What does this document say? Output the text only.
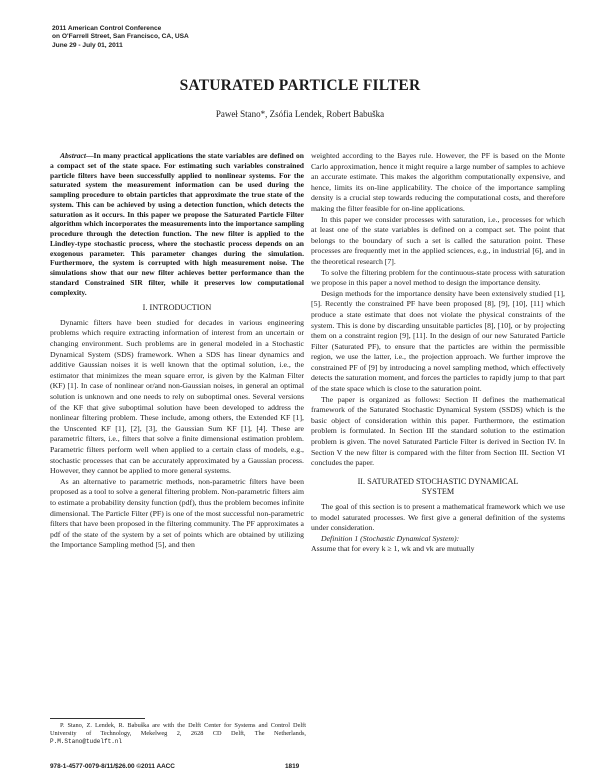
2011 American Control Conference
on O'Farrell Street, San Francisco, CA, USA
June 29 - July 01, 2011
SATURATED PARTICLE FILTER
Paweł Stano*, Zsófia Lendek, Robert Babuška

Abstract—In many practical applications the state variables are defined on a compact set of the state space. For estimating such variables constrained particle filters have been successfully applied to nonlinear systems. For the saturated system the measurement information can be used during the sampling procedure to obtain particles that approximate the true state of the system. This can be achieved by using a detection function, which detects the saturation as it occurs. In this paper we propose the Saturated Particle Filter algorithm which incorporates the measurements into the importance sampling procedure through the detection function. The new filter is applied to the Lindley-type stochastic process, where the stochastic process depends on an exogenous parameter. This parameter changes during the simulation. Furthermore, the system is corrupted with high measurement noise. The simulations show that our new filter achieves better performance than the standard Constrained SIR filter, while it preserves low computational complexity.

I. INTRODUCTION

Dynamic filters have been studied for decades in various engineering problems which require extracting information of interest from an uncertain or changing environment. Such problems are in general modeled in a Stochastic Dynamical System (SDS) framework. When a SDS has linear dynamics and additive Gaussian noises it is well known that the optimal solution, i.e., the estimator that minimizes the mean square error, is given by the Kalman Filter (KF) [1]. In case of nonlinear or/and non-Gaussian noises, in general an optimal solution is unknown and one needs to rely on suboptimal ones. Several versions of the KF that give suboptimal solution have been developed to address the nonlinear filtering problem. These include, among others, the Extended KF [1], the Unscented KF [1], [2], [3], the Gaussian Sum KF [1], [4]. These are parametric filters, i.e., filters that solve a finite dimensional estimation problem. Parametric filters perform well when applied to a certain class of models, e.g., stochastic processes that can be accurately approximated by a Gaussian process. However, they cannot be applied to more general systems.

As an alternative to parametric methods, non-parametric filters have been proposed as a tool to solve a general filtering problem. Non-parametric filters aim to estimate a probability density function (pdf), thus the problem becomes infinite dimensional. The Particle Filter (PF) is one of the most successful non-parametric filters that have been proposed in the filtering community. The PF approximates a pdf of the state of the system by a set of points which are obtained by utilizing the Importance Sampling method [5], and then

weighted according to the Bayes rule. However, the PF is based on the Monte Carlo approximation, hence it might require a large number of samples to achieve an accurate estimate. This makes the algorithm computationally expensive, and hence, limits its on-line applicability. The choice of the importance sampling density is a crucial step towards reducing the computational costs, and therefore making the filter feasible for on-line applications.

In this paper we consider processes with saturation, i.e., processes for which at least one of the state variables is defined on a compact set. The point that belongs to the boundary of such a set is called the saturation point. These processes are frequently met in the applied sciences, e.g., in industrial [6], and in the theoretical research [7].

To solve the filtering problem for the continuous-state process with saturation we propose in this paper a novel method to design the importance density.

Design methods for the importance density have been extensively studied [1], [5]. Recently the constrained PF have been proposed [8], [9], [10], [11] which produce a state estimate that does not violate the physical constraints of the system. This is done by discarding unsuitable particles [8], [10], or by projecting them on a constraint region [9], [11]. In the design of our new Saturated Particle Filter (Saturated PF), to ensure that the particles are within the permissible region, we use the latter, i.e., the projection approach. We further improve the constrained PF of [9] by introducing a novel sampling method, which effectively detects the saturation moment, and forces the particles to rapidly jump to that part of the state space which is close to the saturation point.

The paper is organized as follows: Section II defines the mathematical framework of the Saturated Stochastic Dynamical System (SSDS) which is the basic object of consideration within this paper. Furthermore, the estimation problem is formulated. In Section III the standard solution to the estimation problem is given. The novel Saturated Particle Filter is derived in Section IV. In Section V the new filter is compared with the filter from Section III. Section VI concludes the paper.

II. SATURATED STOCHASTIC DYNAMICAL
SYSTEM

The goal of this section is to present a mathematical framework which we use to model saturated processes. We first give a general definition of the systems under consideration.

Definition 1 (Stochastic Dynamical System):

Assume that for every k ≥ 1, wk and vk are mutually

P. Stano, Z. Lendek, R. Babuška are with the Delft Center for Systems and Control Delft University of Technology, Mekelweg 2, 2628 CD Delft, The Netherlands, P.M.Stano@tudelft.nl
978-1-4577-0079-8/11/$26.00 ©2011 AACC	1819
